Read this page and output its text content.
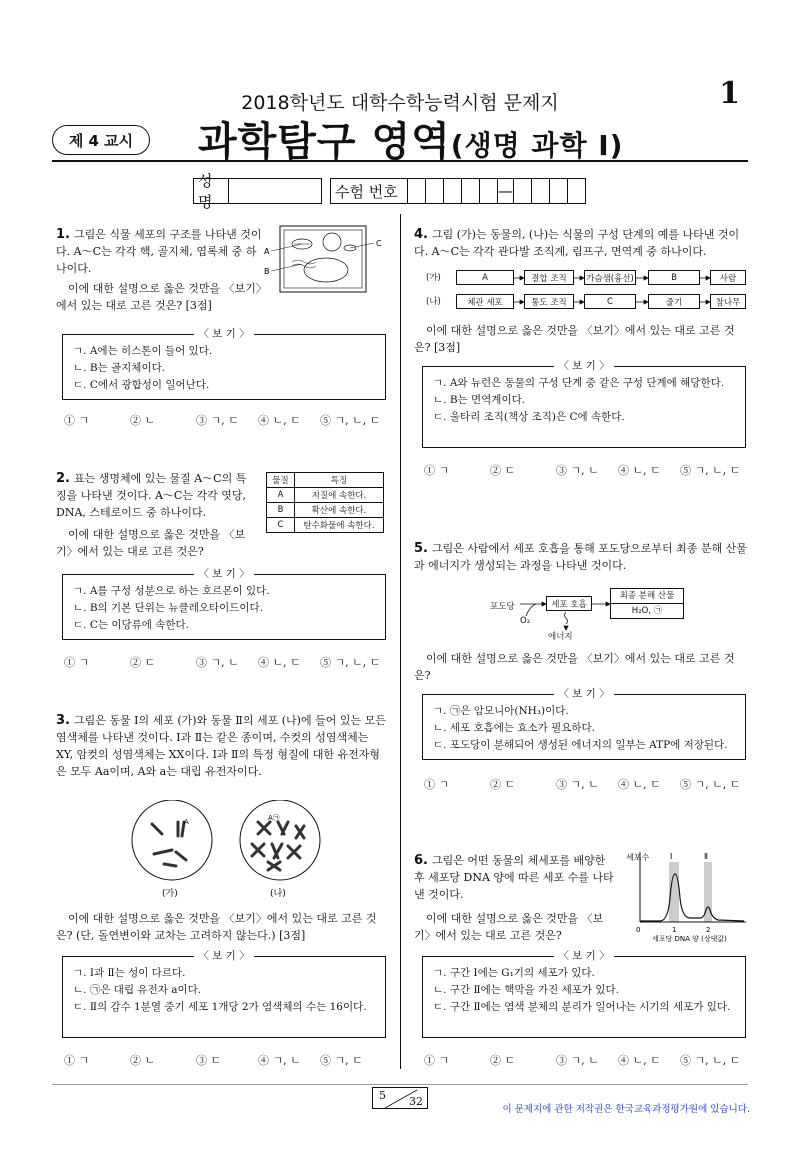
2018학년도 대학수학능력시험 문제지	1
제 4 교시	과학탐구 영역(생명 과학 Ⅰ)
성명
수험 번호	—
1. 그림은 식물 세포의 구조를 나타낸 것이다. A～C는 각각 핵, 골지체, 엽록체 중 하나이다.
이에 대한 설명으로 옳은 것만을 〈보기〉에서 있는 대로 고른 것은? [3점]
A
B
C
〈 보 기 〉
ㄱ. A에는 히스톤이 들어 있다.
ㄴ. B는 골지체이다.
ㄷ. C에서 광합성이 일어난다.
① ㄱ	② ㄴ	③ ㄱ, ㄷ	④ ㄴ, ㄷ	⑤ ㄱ, ㄴ, ㄷ
2. 표는 생명체에 있는 물질 A～C의 특징을 나타낸 것이다. A～C는 각각 엿당, DNA, 스테로이드 중 하나이다.
이에 대한 설명으로 옳은 것만을 〈보기〉에서 있는 대로 고른 것은?
물질	특징
A	지질에 속한다.
B	확산에 속한다.
C	탄수화물에 속한다.
〈 보 기 〉
ㄱ. A를 구성 성분으로 하는 호르몬이 있다.
ㄴ. B의 기본 단위는 뉴클레오타이드이다.
ㄷ. C는 이당류에 속한다.
① ㄱ	② ㄷ	③ ㄱ, ㄴ	④ ㄴ, ㄷ	⑤ ㄱ, ㄴ, ㄷ
3. 그림은 동물 Ⅰ의 세포 (가)와 동물 Ⅱ의 세포 (나)에 들어 있는 모든 염색체를 나타낸 것이다. Ⅰ과 Ⅱ는 같은 종이며, 수컷의 성염색체는 XY, 암컷의 성염색체는 XX이다. Ⅰ과 Ⅱ의 특정 형질에 대한 유전자형은 모두 Aa이며, A와 a는 대립 유전자이다.
A	A㉠
(가)	(나)
이에 대한 설명으로 옳은 것만을 〈보기〉에서 있는 대로 고른 것은? (단, 돌연변이와 교차는 고려하지 않는다.) [3점]
〈 보 기 〉
ㄱ. Ⅰ과 Ⅱ는 성이 다르다.
ㄴ. ㉠은 대립 유전자 a이다.
ㄷ. Ⅱ의 감수 1분열 중기 세포 1개당 2가 염색체의 수는 16이다.
① ㄱ	② ㄴ	③ ㄷ	④ ㄱ, ㄴ	⑤ ㄱ, ㄷ
4. 그림 (가)는 동물의, (나)는 식물의 구성 단계의 예를 나타낸 것이다. A～C는 각각 관다발 조직계, 림프구, 면역계 중 하나이다.
(가)	A	결합 조직	가슴샘(흉선)	B	사람
(나)	체관 세포	통도 조직	C	줄기	참나무
이에 대한 설명으로 옳은 것만을 〈보기〉에서 있는 대로 고른 것은? [3점]
〈 보 기 〉
ㄱ. A와 뉴런은 동물의 구성 단계 중 같은 구성 단계에 해당한다.
ㄴ. B는 면역계이다.
ㄷ. 울타리 조직(책상 조직)은 C에 속한다.
① ㄱ	② ㄷ	③ ㄱ, ㄴ	④ ㄴ, ㄷ	⑤ ㄱ, ㄴ, ㄷ
5. 그림은 사람에서 세포 호흡을 통해 포도당으로부터 최종 분해 산물과 에너지가 생성되는 과정을 나타낸 것이다.
포도당	세포 호흡
최종 분해 산물
H₂O, ㉠
O₂
에너지
이에 대한 설명으로 옳은 것만을 〈보기〉에서 있는 대로 고른 것은?
〈 보 기 〉
ㄱ. ㉠은 암모니아(NH₃)이다.
ㄴ. 세포 호흡에는 효소가 필요하다.
ㄷ. 포도당이 분해되어 생성된 에너지의 일부는 ATP에 저장된다.
① ㄱ	② ㄷ	③ ㄱ, ㄴ	④ ㄴ, ㄷ	⑤ ㄱ, ㄴ, ㄷ
6. 그림은 어떤 동물의 체세포를 배양한 후 세포당 DNA 양에 따른 세포 수를 나타낸 것이다.
이에 대한 설명으로 옳은 것만을 〈보기〉에서 있는 대로 고른 것은?
세포수
0	1	2
Ⅰ	Ⅱ
세포당 DNA 양 (상댓값)
〈 보 기 〉
ㄱ. 구간 Ⅰ에는 G₁기의 세포가 있다.
ㄴ. 구간 Ⅱ에는 핵막을 가진 세포가 있다.
ㄷ. 구간 Ⅱ에는 염색 분체의 분리가 일어나는 시기의 세포가 있다.
① ㄱ	② ㄷ	③ ㄱ, ㄴ	④ ㄴ, ㄷ	⑤ ㄱ, ㄴ, ㄷ
5 32
이 문제지에 관한 저작권은 한국교육과정평가원에 있습니다.
